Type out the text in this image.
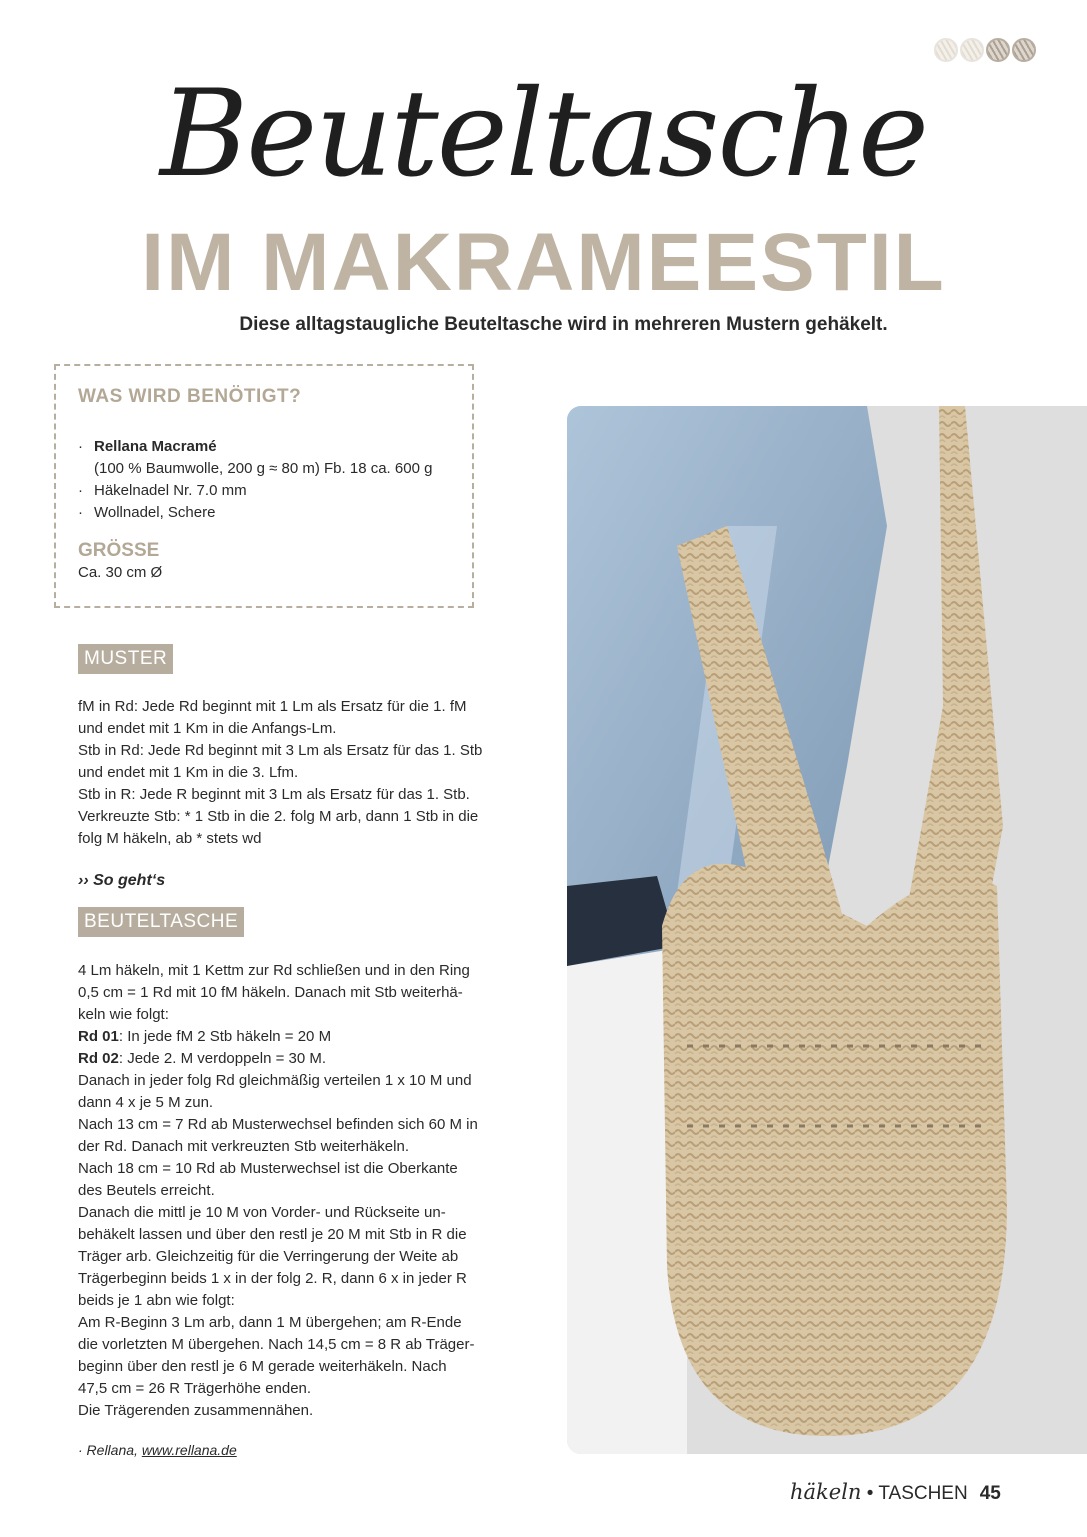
Beuteltasche
IM MAKRAMEESTIL
Diese alltagstaugliche Beuteltasche wird in mehreren Mustern gehäkelt.
WAS WIRD BENÖTIGT?
· Rellana Macramé
(100 % Baumwolle, 200 g ≈ 80 m) Fb. 18 ca. 600 g
· Häkelnadel Nr. 7.0 mm
· Wollnadel, Schere
GRÖSSE
Ca. 30 cm Ø
MUSTER

fM in Rd: Jede Rd beginnt mit 1 Lm als Ersatz für die 1. fM

und endet mit 1 Km in die Anfangs-Lm.

Stb in Rd: Jede Rd beginnt mit 3 Lm als Ersatz für das 1. Stb

und endet mit 1 Km in die 3. Lfm.

Stb in R: Jede R beginnt mit 3 Lm als Ersatz für das 1. Stb.

Verkreuzte Stb: * 1 Stb in die 2. folg M arb, dann 1 Stb in die

folg M häkeln, ab * stets wd

›› So geht‘s
BEUTELTASCHE

4 Lm häkeln, mit 1 Kettm zur Rd schließen und in den Ring

0,5 cm = 1 Rd mit 10 fM häkeln. Danach mit Stb weiterhä-

keln wie folgt:

Rd 01: In jede fM 2 Stb häkeln = 20 M

Rd 02: Jede 2. M verdoppeln = 30 M.

Danach in jeder folg Rd gleichmäßig verteilen 1 x 10 M und

dann 4 x je 5 M zun.

Nach 13 cm = 7 Rd ab Musterwechsel befinden sich 60 M in

der Rd. Danach mit verkreuzten Stb weiterhäkeln.

Nach 18 cm = 10 Rd ab Musterwechsel ist die Oberkante

des Beutels erreicht.

Danach die mittl je 10 M von Vorder- und Rückseite un-

behäkelt lassen und über den restl je 20 M mit Stb in R die

Träger arb. Gleichzeitig für die Verringerung der Weite ab

Trägerbeginn beids 1 x in der folg 2. R, dann 6 x in jeder R

beids je 1 abn wie folgt:

Am R-Beginn 3 Lm arb, dann 1 M übergehen; am R-Ende

die vorletzten M übergehen. Nach 14,5 cm = 8 R ab Träger-

beginn über den restl je 6 M gerade weiterhäkeln. Nach

47,5 cm = 26 R Trägerhöhe enden.

Die Trägerenden zusammennähen.

· Rellana, www.rellana.de
häkeln • TASCHEN 45
